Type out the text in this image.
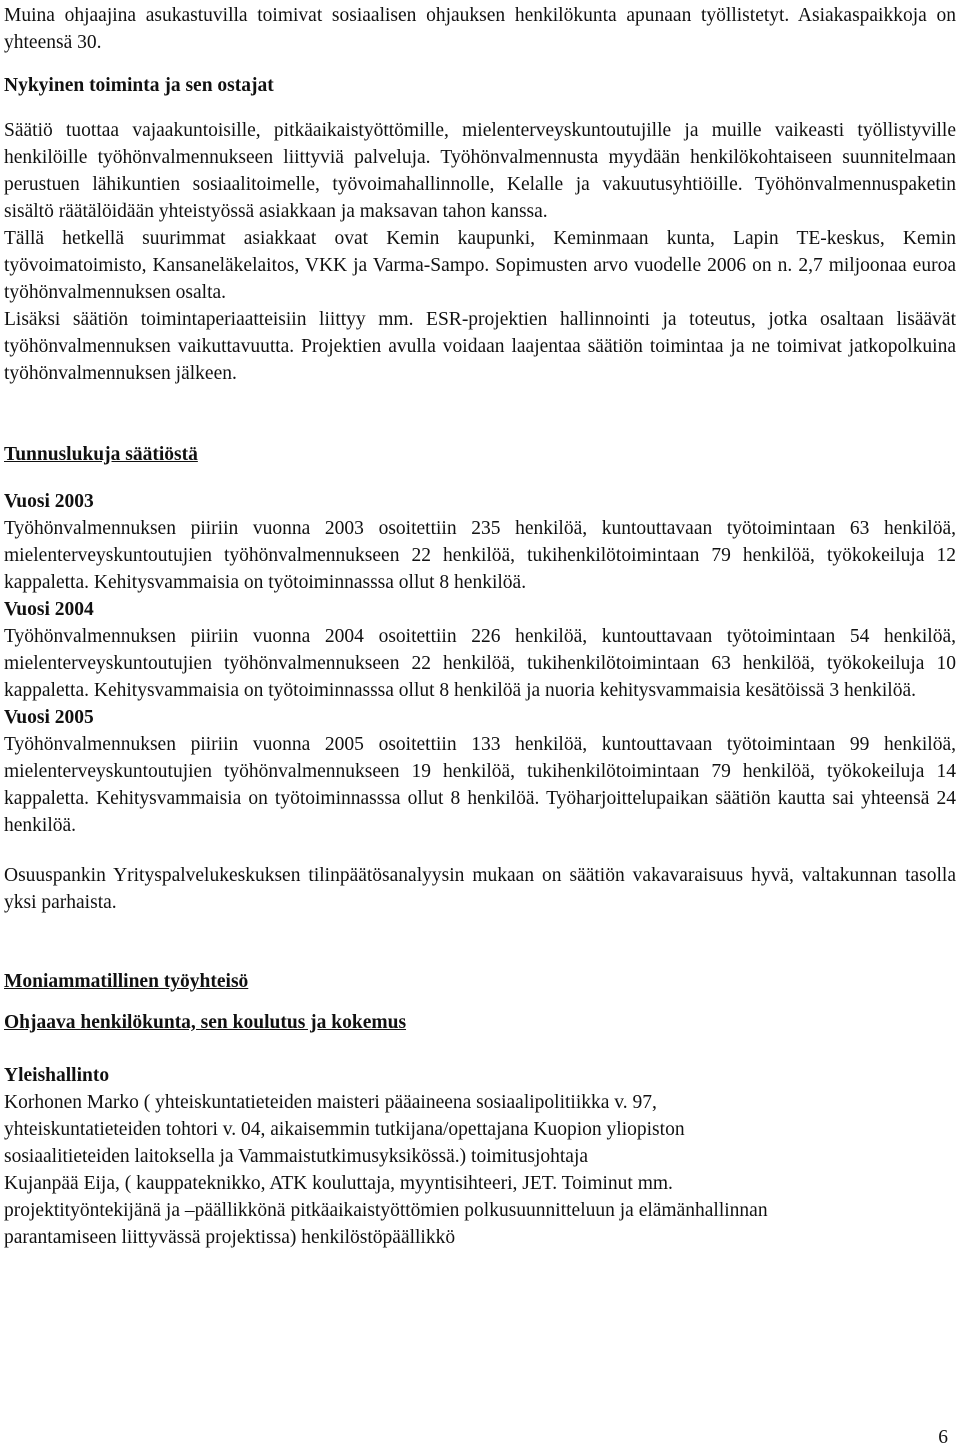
Muina ohjaajina asukastuvilla toimivat sosiaalisen ohjauksen henkilökunta apunaan työllistetyt. Asiakaspaikkoja on yhteensä 30.

Nykyinen toiminta ja sen ostajat

Säätiö tuottaa vajaakuntoisille, pitkäaikaistyöttömille, mielenterveyskuntoutujille ja muille vaikeasti työllistyville henkilöille työhönvalmennukseen liittyviä palveluja. Työhönvalmennusta myydään henkilökohtaiseen suunnitelmaan perustuen lähikuntien sosiaalitoimelle, työvoimahallinnolle, Kelalle ja vakuutusyhtiöille. Työhönvalmennuspaketin sisältö räätälöidään yhteistyössä asiakkaan ja maksavan tahon kanssa.

Tällä hetkellä suurimmat asiakkaat ovat Kemin kaupunki, Keminmaan kunta, Lapin TE-keskus, Kemin työvoimatoimisto, Kansaneläkelaitos, VKK ja Varma-Sampo. Sopimusten arvo vuodelle 2006 on n. 2,7 miljoonaa euroa työhönvalmennuksen osalta.

Lisäksi säätiön toimintaperiaatteisiin liittyy mm. ESR-projektien hallinnointi ja toteutus, jotka osaltaan lisäävät työhönvalmennuksen vaikuttavuutta. Projektien avulla voidaan laajentaa säätiön toimintaa ja ne toimivat jatkopolkuina työhönvalmennuksen jälkeen.

Tunnuslukuja säätiöstä

Vuosi 2003

Työhönvalmennuksen piiriin vuonna 2003 osoitettiin 235 henkilöä, kuntouttavaan työtoimintaan 63 henkilöä, mielenterveyskuntoutujien työhönvalmennukseen 22 henkilöä, tukihenkilötoimintaan 79 henkilöä, työkokeiluja 12 kappaletta. Kehitysvammaisia on työtoiminnasssa ollut 8 henkilöä.

Vuosi 2004

Työhönvalmennuksen piiriin vuonna 2004 osoitettiin 226 henkilöä, kuntouttavaan työtoimintaan 54 henkilöä, mielenterveyskuntoutujien työhönvalmennukseen 22 henkilöä, tukihenkilötoimintaan 63 henkilöä, työkokeiluja 10 kappaletta. Kehitysvammaisia on työtoiminnasssa ollut 8 henkilöä ja nuoria kehitysvammaisia kesätöissä 3 henkilöä.

Vuosi 2005

Työhönvalmennuksen piiriin vuonna 2005 osoitettiin 133 henkilöä, kuntouttavaan työtoimintaan 99 henkilöä, mielenterveyskuntoutujien työhönvalmennukseen 19 henkilöä, tukihenkilötoimintaan 79 henkilöä, työkokeiluja 14 kappaletta. Kehitysvammaisia on työtoiminnasssa ollut 8 henkilöä. Työharjoittelupaikan säätiön kautta sai yhteensä 24 henkilöä.

Osuuspankin Yrityspalvelukeskuksen tilinpäätösanalyysin mukaan on säätiön vakavaraisuus hyvä, valtakunnan tasolla yksi parhaista.

Moniammatillinen työyhteisö

Ohjaava henkilökunta, sen koulutus ja kokemus

Yleishallinto

Korhonen Marko ( yhteiskuntatieteiden maisteri pääaineena sosiaalipolitiikka v. 97,

yhteiskuntatieteiden tohtori v. 04, aikaisemmin tutkijana/opettajana Kuopion yliopiston

sosiaalitieteiden laitoksella ja Vammaistutkimusyksikössä.) toimitusjohtaja

Kujanpää Eija, ( kauppateknikko, ATK kouluttaja, myyntisihteeri, JET. Toiminut mm.

projektityöntekijänä ja –päällikkönä pitkäaikaistyöttömien polkusuunnitteluun ja elämänhallinnan

parantamiseen liittyvässä projektissa) henkilöstöpäällikkö

6
